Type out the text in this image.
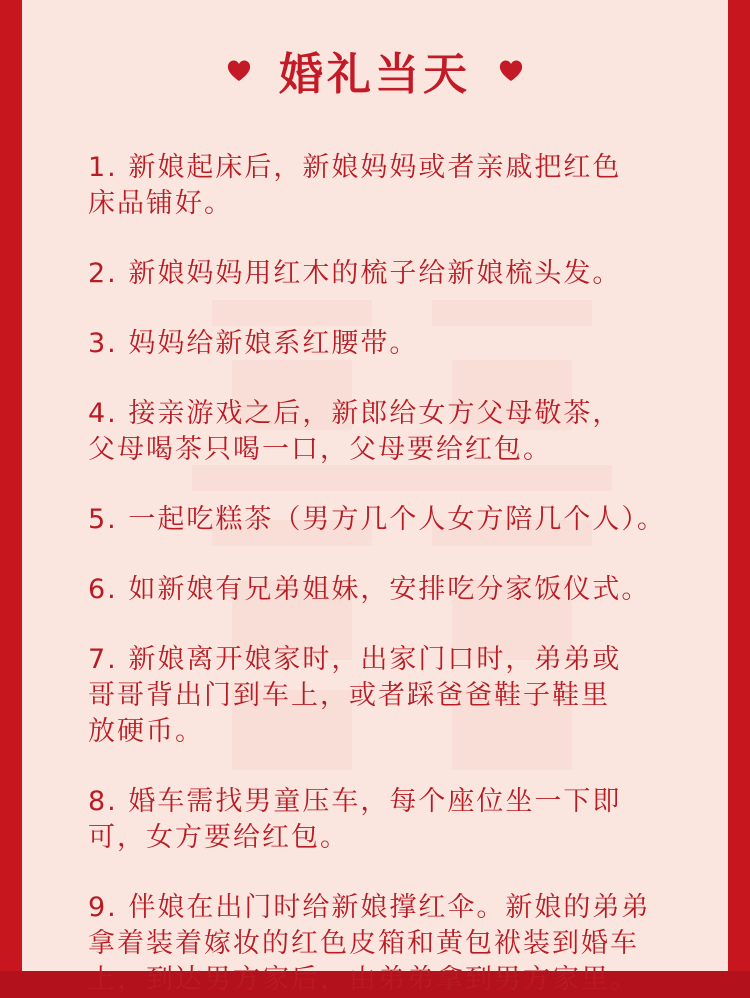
婚礼当天

1. 新娘起床后，新娘妈妈或者亲戚把红色
床品铺好。

2. 新娘妈妈用红木的梳子给新娘梳头发。

3. 妈妈给新娘系红腰带。

4. 接亲游戏之后，新郎给女方父母敬茶，
父母喝茶只喝一口，父母要给红包。

5. 一起吃糕茶（男方几个人女方陪几个人）。

6. 如新娘有兄弟姐妹，安排吃分家饭仪式。

7. 新娘离开娘家时，出家门口时，弟弟或
哥哥背出门到车上，或者踩爸爸鞋子鞋里
放硬币。

8. 婚车需找男童压车，每个座位坐一下即
可，女方要给红包。

9. 伴娘在出门时给新娘撑红伞。新娘的弟弟
拿着装着嫁妆的红色皮箱和黄包袱装到婚车
上，到达男方家后，由弟弟拿到男方家里。
